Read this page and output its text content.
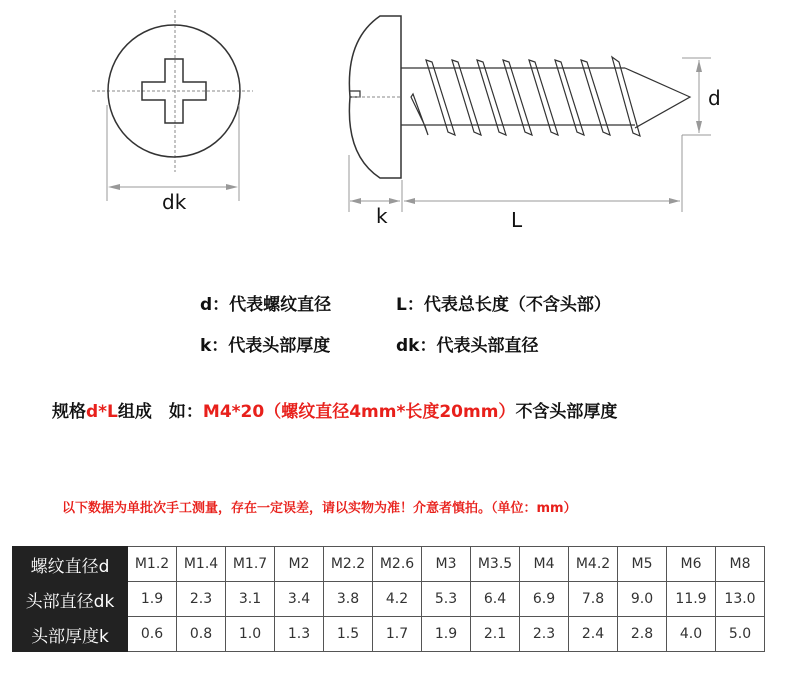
dk
k	L
d
d：代表螺纹直径	L：代表总长度（不含头部）
k：代表头部厚度	dk：代表头部直径
规格d*L组成　如：M4*20（螺纹直径4mm*长度20mm）不含头部厚度
以下数据为单批次手工测量，存在一定误差，请以实物为准！介意者慎拍。（单位：mm）
螺纹直径d	M1.2	M1.4	M1.7	M2	M2.2	M2.6	M3	M3.5	M4	M4.2	M5	M6	M8
头部直径dk	1.9	2.3	3.1	3.4	3.8	4.2	5.3	6.4	6.9	7.8	9.0	11.9	13.0
头部厚度k	0.6	0.8	1.0	1.3	1.5	1.7	1.9	2.1	2.3	2.4	2.8	4.0	5.0
